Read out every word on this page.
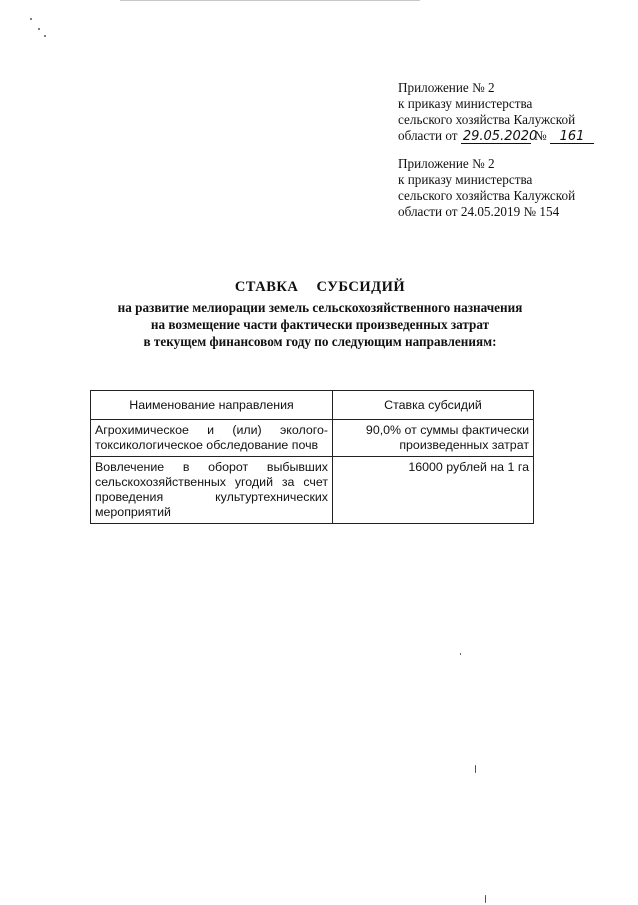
Приложение № 2
к приказу министерства
сельского хозяйства Калужской
области от 29.05.2020 № 161
Приложение № 2
к приказу министерства
сельского хозяйства Калужской
области от 24.05.2019 № 154
СТАВКА СУБСИДИЙ
на развитие мелиорации земель сельскохозяйственного назначения
на возмещение части фактически произведенных затрат
в текущем финансовом году по следующим направлениям:
Наименование направления	Ставка субсидий
Агрохимическое и (или) эколого-токсикологическое обследование почв	90,0% от суммы фактически произведенных затрат
Вовлечение в оборот выбывших сельскохозяйственных угодий за счет проведения культуртехнических мероприятий	16000 рублей на 1 га
